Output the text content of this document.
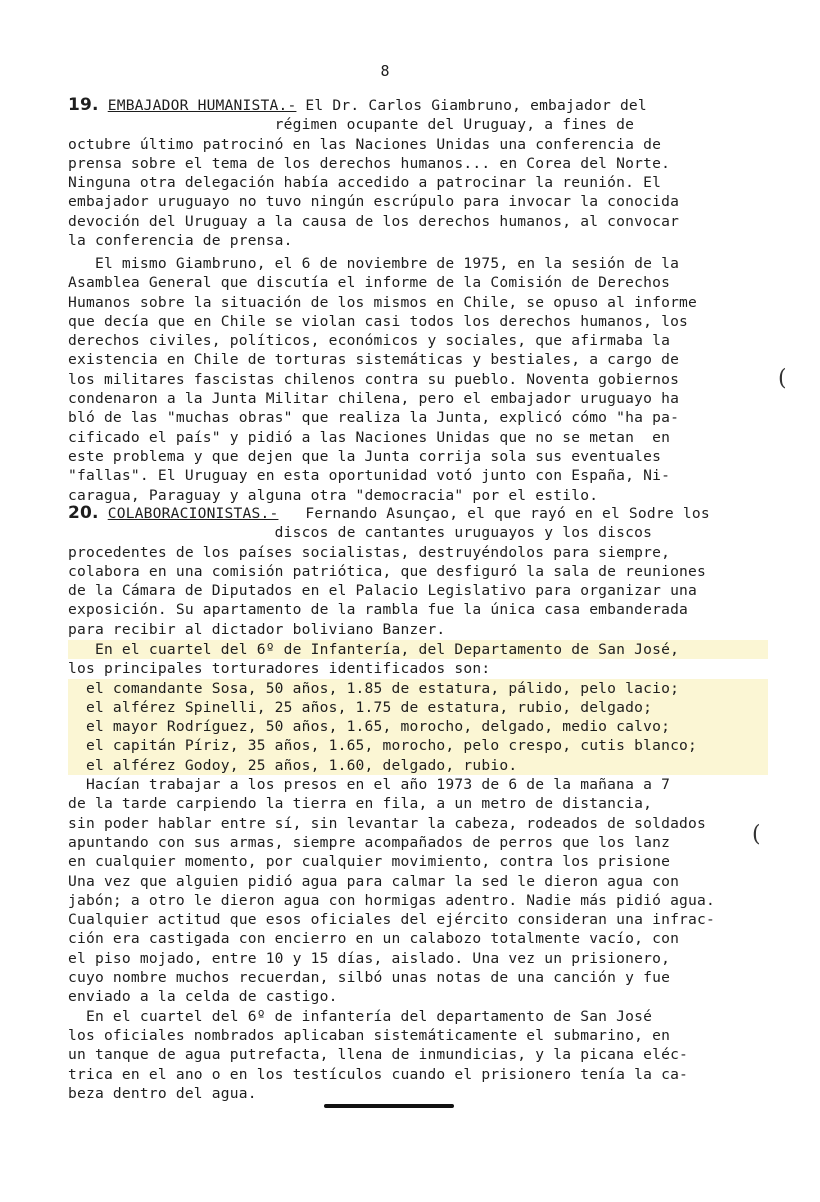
8
19. EMBAJADOR HUMANISTA.- El Dr. Carlos Giambruno, embajador del
régimen ocupante del Uruguay, a fines de
octubre último patrocinó en las Naciones Unidas una conferencia de
prensa sobre el tema de los derechos humanos... en Corea del Norte.
Ninguna otra delegación había accedido a patrocinar la reunión. El
embajador uruguayo no tuvo ningún escrúpulo para invocar la conocida
devoción del Uruguay a la causa de los derechos humanos, al convocar
la conferencia de prensa.
El mismo Giambruno, el 6 de noviembre de 1975, en la sesión de la
Asamblea General que discutía el informe de la Comisión de Derechos
Humanos sobre la situación de los mismos en Chile, se opuso al informe
que decía que en Chile se violan casi todos los derechos humanos, los
derechos civiles, políticos, económicos y sociales, que afirmaba la
existencia en Chile de torturas sistemáticas y bestiales, a cargo de
los militares fascistas chilenos contra su pueblo. Noventa gobiernos
condenaron a la Junta Militar chilena, pero el embajador uruguayo ha
bló de las "muchas obras" que realiza la Junta, explicó cómo "ha pa-
cificado el país" y pidió a las Naciones Unidas que no se metan  en
este problema y que dejen que la Junta corrija sola sus eventuales
"fallas". El Uruguay en esta oportunidad votó junto con España, Ni-
caragua, Paraguay y alguna otra "democracia" por el estilo.
20. COLABORACIONISTAS.-   Fernando Asunçao, el que rayó en el Sodre los
discos de cantantes uruguayos y los discos
procedentes de los países socialistas, destruyéndolos para siempre,
colabora en una comisión patriótica, que desfiguró la sala de reuniones
de la Cámara de Diputados en el Palacio Legislativo para organizar una
exposición. Su apartamento de la rambla fue la única casa embanderada
para recibir al dictador boliviano Banzer.
En el cuartel del 6º de Infantería, del Departamento de San José,
los principales torturadores identificados son:
el comandante Sosa, 50 años, 1.85 de estatura, pálido, pelo lacio;
el alférez Spinelli, 25 años, 1.75 de estatura, rubio, delgado;
el mayor Rodríguez, 50 años, 1.65, morocho, delgado, medio calvo;
el capitán Píriz, 35 años, 1.65, morocho, pelo crespo, cutis blanco;
el alférez Godoy, 25 años, 1.60, delgado, rubio.
Hacían trabajar a los presos en el año 1973 de 6 de la mañana a 7
de la tarde carpiendo la tierra en fila, a un metro de distancia,
sin poder hablar entre sí, sin levantar la cabeza, rodeados de soldados
apuntando con sus armas, siempre acompañados de perros que los lanz
en cualquier momento, por cualquier movimiento, contra los prisione
Una vez que alguien pidió agua para calmar la sed le dieron agua con
jabón; a otro le dieron agua con hormigas adentro. Nadie más pidió agua.
Cualquier actitud que esos oficiales del ejército consideran una infrac-
ción era castigada con encierro en un calabozo totalmente vacío, con
el piso mojado, entre 10 y 15 días, aislado. Una vez un prisionero,
cuyo nombre muchos recuerdan, silbó unas notas de una canción y fue
enviado a la celda de castigo.
En el cuartel del 6º de infantería del departamento de San José
los oficiales nombrados aplicaban sistemáticamente el submarino, en
un tanque de agua putrefacta, llena de inmundicias, y la picana eléc-
trica en el ano o en los testículos cuando el prisionero tenía la ca-
beza dentro del agua.
(
(
